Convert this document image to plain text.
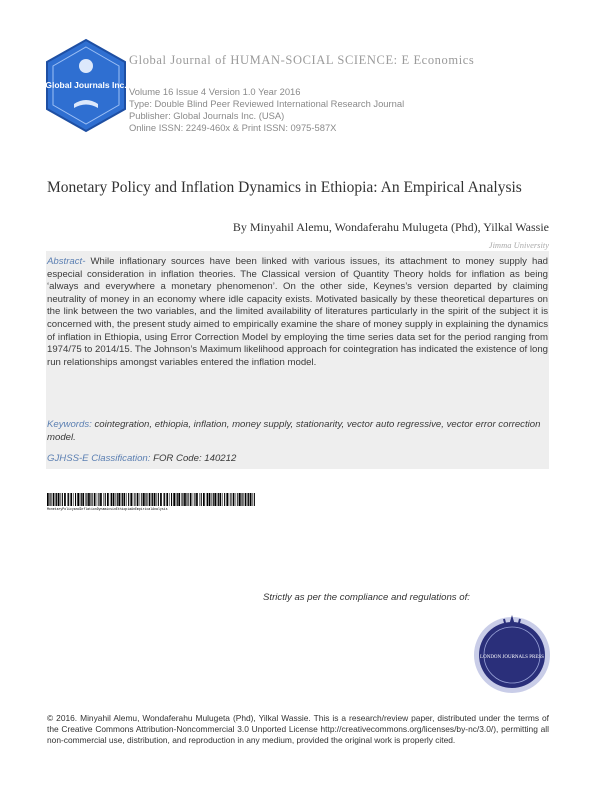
Global Journals Inc.
Global Journal of HUMAN-SOCIAL SCIENCE: E Economics
Volume 16 Issue 4 Version 1.0 Year 2016
Type: Double Blind Peer Reviewed International Research Journal
Publisher: Global Journals Inc. (USA)
Online ISSN: 2249-460x & Print ISSN: 0975-587X
Monetary Policy and Inflation Dynamics in Ethiopia: An Empirical Analysis
By Minyahil Alemu, Wondaferahu Mulugeta (Phd), Yilkal Wassie
Jimma University

Abstract- While inflationary sources have been linked with various issues, its attachment to money supply had especial consideration in inflation theories. The Classical version of Quantity Theory holds for inflation as being ‘always and everywhere a monetary phenomenon’. On the other side, Keynes’s version departed by claiming neutrality of money in an economy where idle capacity exists. Motivated basically by these theoretical departures on the link between the two variables, and the limited availability of literatures particularly in the spirit of the subject it is concerned with, the present study aimed to empirically examine the share of money supply in explaining the dynamics of inflation in Ethiopia, using Error Correction Model by employing the time series data set for the period ranging from 1974/75 to 2014/15. The Johnson’s Maximum likelihood approach for cointegration has indicated the existence of long run relationships amongst variables entered the inflation model.

Keywords: cointegration, ethiopia, inflation, money supply, stationarity, vector auto regressive, vector error correction model.

GJHSS-E Classification: FOR Code: 140212

MonetaryPolicyandInflationDynamicsinEthiopiaAnEmpiricalAnalysis
Strictly as per the compliance and regulations of:
LONDON JOURNALS PRESS

© 2016. Minyahil Alemu, Wondaferahu Mulugeta (Phd), Yilkal Wassie. This is a research/review paper, distributed under the terms of the Creative Commons Attribution-Noncommercial 3.0 Unported License http://creativecommons.org/licenses/by-nc/3.0/), permitting all non-commercial use, distribution, and reproduction in any medium, provided the original work is properly cited.
